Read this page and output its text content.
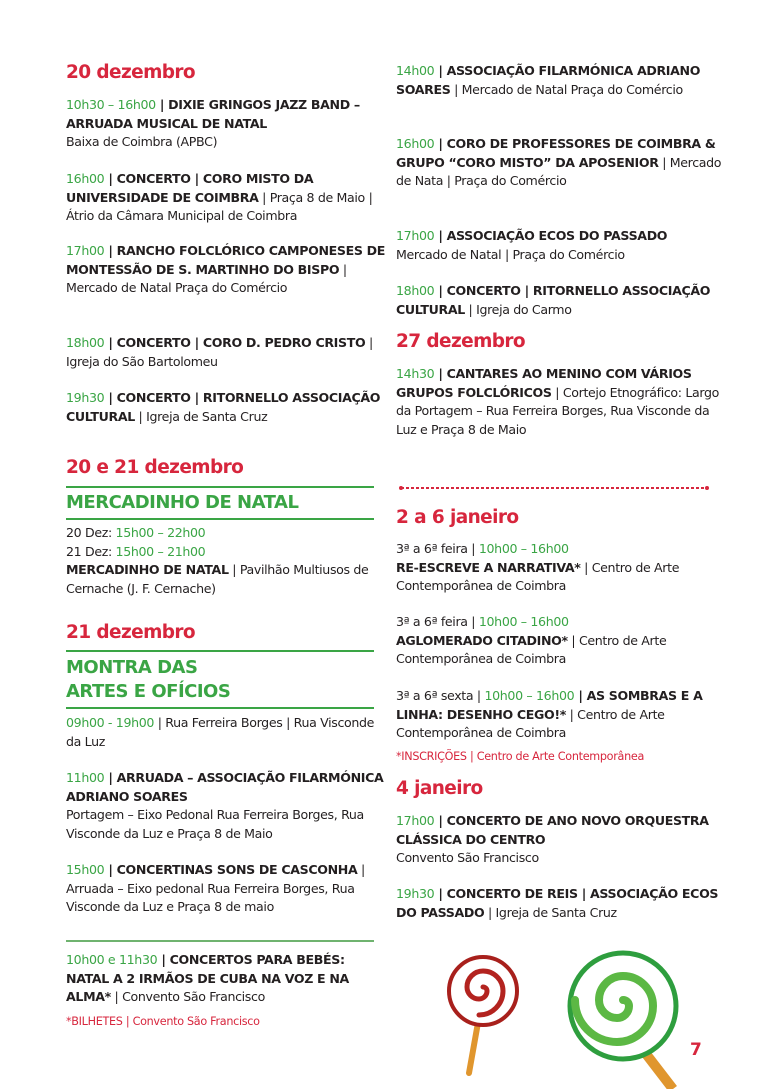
20 dezembro

10h30 – 16h00 | DIXIE GRINGOS JAZZ BAND – ARRUADA MUSICAL DE NATAL
Baixa de Coimbra (APBC)

16h00 | CONCERTO | CORO MISTO DA UNIVERSIDADE DE COIMBRA | Praça 8 de Maio | Átrio da Câmara Municipal de Coimbra

17h00 | RANCHO FOLCLÓRICO CAMPONESES DE MONTESSÃO DE S. MARTINHO DO BISPO | Mercado de Natal Praça do Comércio

18h00 | CONCERTO | CORO D. PEDRO CRISTO | Igreja do São Bartolomeu

19h30 | CONCERTO | RITORNELLO ASSOCIAÇÃO CULTURAL | Igreja de Santa Cruz

20 e 21 dezembro
MERCADINHO DE NATAL

20 Dez: 15h00 – 22h00
21 Dez: 15h00 – 21h00
MERCADINHO DE NATAL | Pavilhão Multiusos de Cernache (J. F. Cernache)

21 dezembro
MONTRA DAS
ARTES E OFÍCIOS

09h00 - 19h00 | Rua Ferreira Borges | Rua Visconde da Luz

11h00 | ARRUADA – ASSOCIAÇÃO FILARMÓNICA ADRIANO SOARES
Portagem – Eixo Pedonal Rua Ferreira Borges, Rua Visconde da Luz e Praça 8 de Maio

15h00 | CONCERTINAS SONS DE CASCONHA | Arruada – Eixo pedonal Rua Ferreira Borges, Rua Visconde da Luz e Praça 8 de maio

10h00 e 11h30 | CONCERTOS PARA BEBÉS: NATAL A 2 IRMÃOS DE CUBA NA VOZ E NA ALMA* | Convento São Francisco

*BILHETES | Convento São Francisco

14h00 | ASSOCIAÇÃO FILARMÓNICA ADRIANO SOARES | Mercado de Natal Praça do Comércio

16h00 | CORO DE PROFESSORES DE COIMBRA & GRUPO “CORO MISTO” DA APOSENIOR | Mercado de Nata | Praça do Comércio

17h00 | ASSOCIAÇÃO ECOS DO PASSADO
Mercado de Natal | Praça do Comércio

18h00 | CONCERTO | RITORNELLO ASSOCIAÇÃO CULTURAL | Igreja do Carmo

27 dezembro

14h30 | CANTARES AO MENINO COM VÁRIOS GRUPOS FOLCLÓRICOS | Cortejo Etnográfico: Largo da Portagem – Rua Ferreira Borges, Rua Visconde da Luz e Praça 8 de Maio

2 a 6 janeiro

3ª a 6ª feira | 10h00 – 16h00
RE-ESCREVE A NARRATIVA* | Centro de Arte Contemporânea de Coimbra

3ª a 6ª feira | 10h00 – 16h00
AGLOMERADO CITADINO* | Centro de Arte Contemporânea de Coimbra

3ª a 6ª sexta | 10h00 – 16h00 | AS SOMBRAS E A LINHA: DESENHO CEGO!* | Centro de Arte Contemporânea de Coimbra

*INSCRIÇÕES | Centro de Arte Contemporânea

4 janeiro

17h00 | CONCERTO DE ANO NOVO ORQUESTRA CLÁSSICA DO CENTRO
Convento São Francisco

19h30 | CONCERTO DE REIS | ASSOCIAÇÃO ECOS DO PASSADO | Igreja de Santa Cruz

7
